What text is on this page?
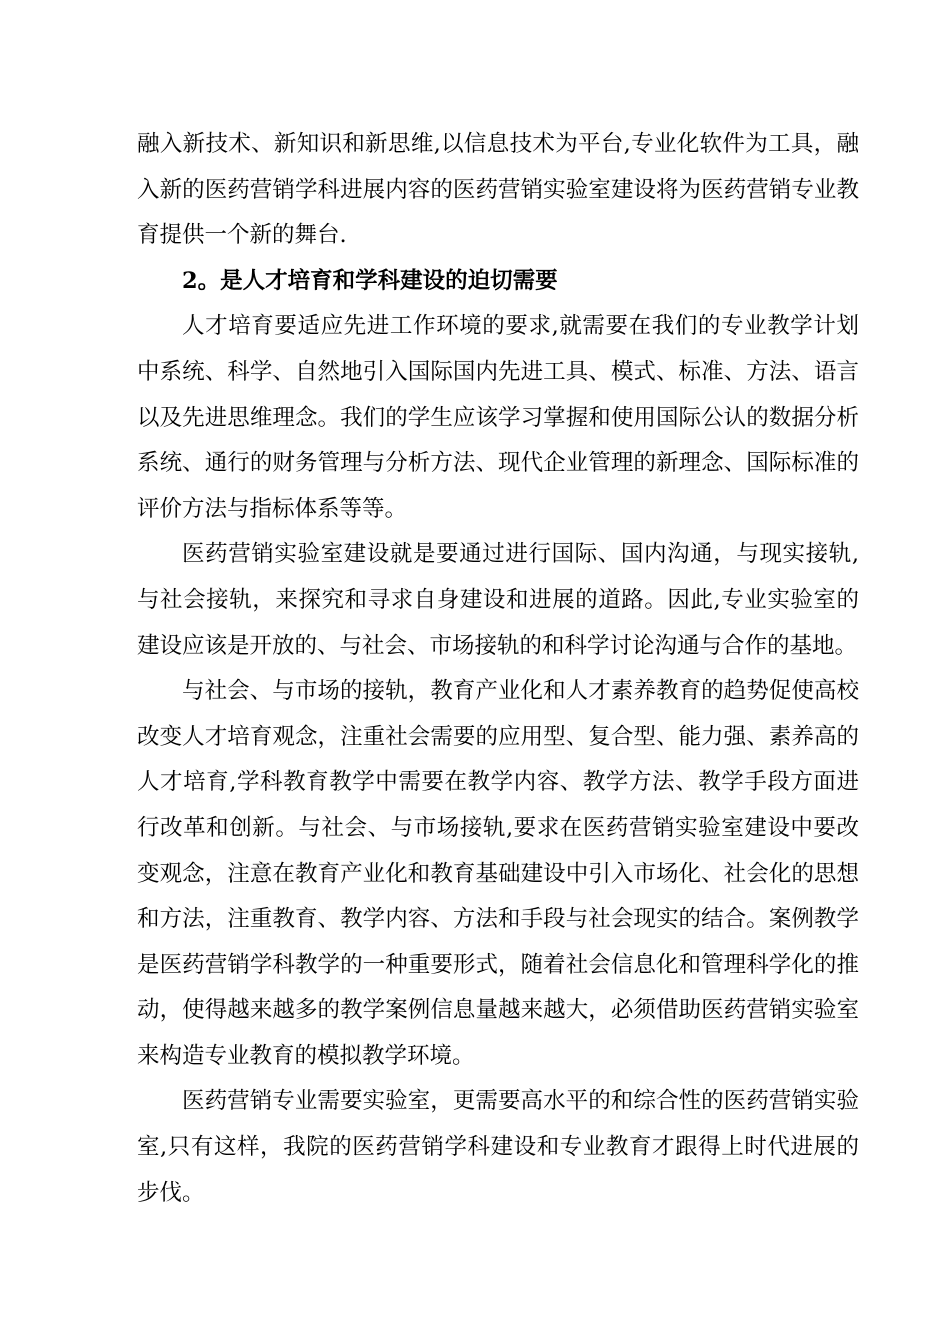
融入新技术、新知识和新思维,以信息技术为平台,专业化软件为工具，融入新的医药营销学科进展内容的医药营销实验室建设将为医药营销专业教育提供一个新的舞台.

2。是人才培育和学科建设的迫切需要

人才培育要适应先进工作环境的要求,就需要在我们的专业教学计划中系统、科学、自然地引入国际国内先进工具、模式、标准、方法、语言以及先进思维理念。我们的学生应该学习掌握和使用国际公认的数据分析系统、通行的财务管理与分析方法、现代企业管理的新理念、国际标准的评价方法与指标体系等等。

医药营销实验室建设就是要通过进行国际、国内沟通，与现实接轨,与社会接轨，来探究和寻求自身建设和进展的道路。因此,专业实验室的建设应该是开放的、与社会、市场接轨的和科学讨论沟通与合作的基地。

与社会、与市场的接轨，教育产业化和人才素养教育的趋势促使高校改变人才培育观念，注重社会需要的应用型、复合型、能力强、素养高的人才培育,学科教育教学中需要在教学内容、教学方法、教学手段方面进行改革和创新。与社会、与市场接轨,要求在医药营销实验室建设中要改变观念，注意在教育产业化和教育基础建设中引入市场化、社会化的思想和方法，注重教育、教学内容、方法和手段与社会现实的结合。案例教学是医药营销学科教学的一种重要形式，随着社会信息化和管理科学化的推动，使得越来越多的教学案例信息量越来越大，必须借助医药营销实验室来构造专业教育的模拟教学环境。

医药营销专业需要实验室，更需要高水平的和综合性的医药营销实验室,只有这样，我院的医药营销学科建设和专业教育才跟得上时代进展的步伐。
